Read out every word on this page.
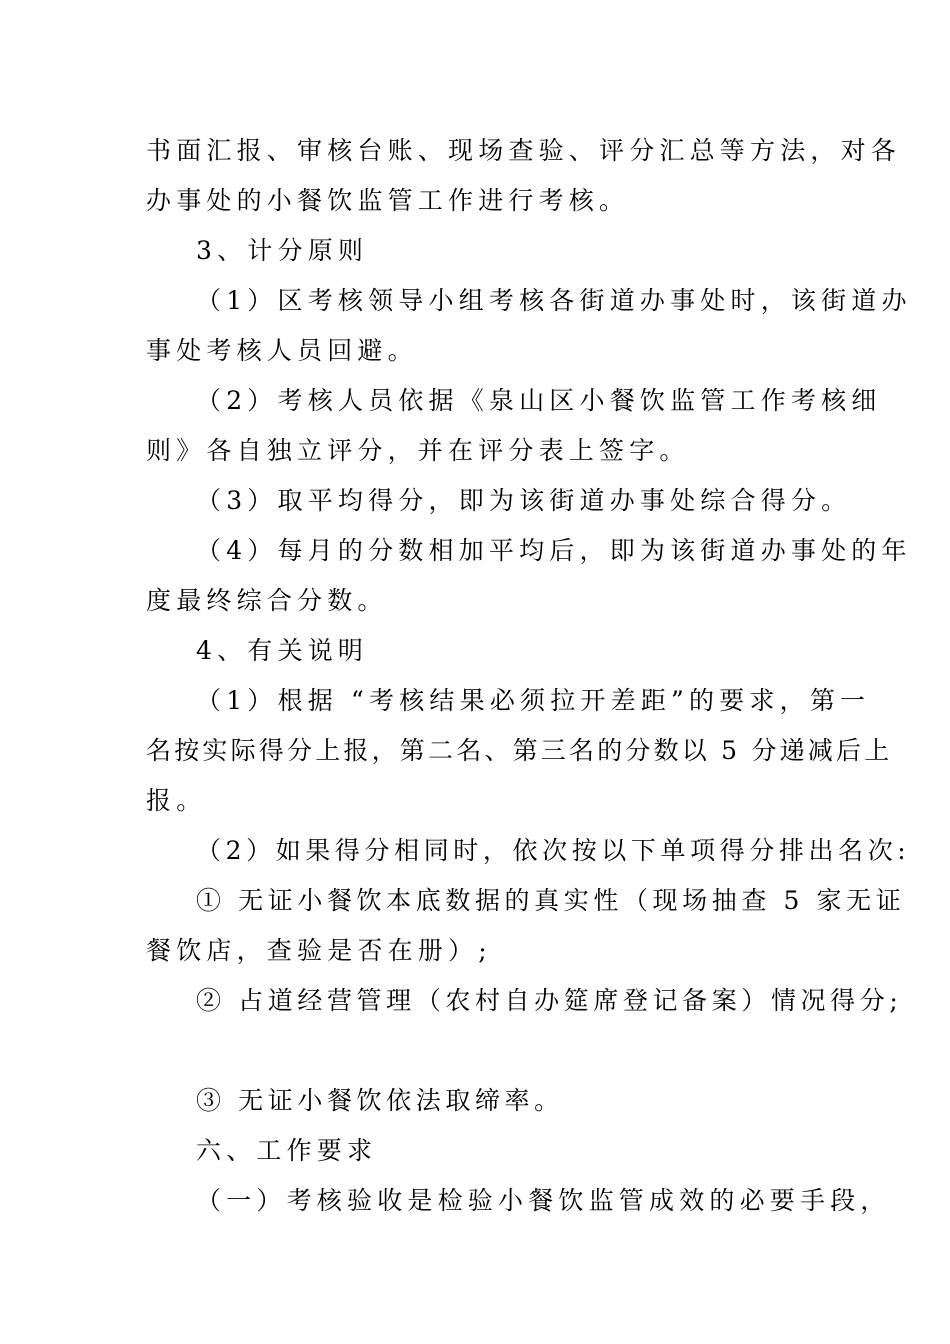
书面汇报、审核台账、现场查验、评分汇总等方法，对各
办事处的小餐饮监管工作进行考核。
3、计分原则
（1）区考核领导小组考核各街道办事处时，该街道办
事处考核人员回避。
（2）考核人员依据《泉山区小餐饮监管工作考核细
则》各自独立评分，并在评分表上签字。
（3）取平均得分，即为该街道办事处综合得分。
（4）每月的分数相加平均后，即为该街道办事处的年
度最终综合分数。
4、有关说明
（1）根据 “考核结果必须拉开差距”的要求，第一
名按实际得分上报，第二名、第三名的分数以 5 分递减后上
报。
（2）如果得分相同时，依次按以下单项得分排出名次:
① 无证小餐饮本底数据的真实性（现场抽查 5 家无证
餐饮店，查验是否在册）;
② 占道经营管理（农村自办筵席登记备案）情况得分;
③ 无证小餐饮依法取缔率。
六、工作要求
（一）考核验收是检验小餐饮监管成效的必要手段，
